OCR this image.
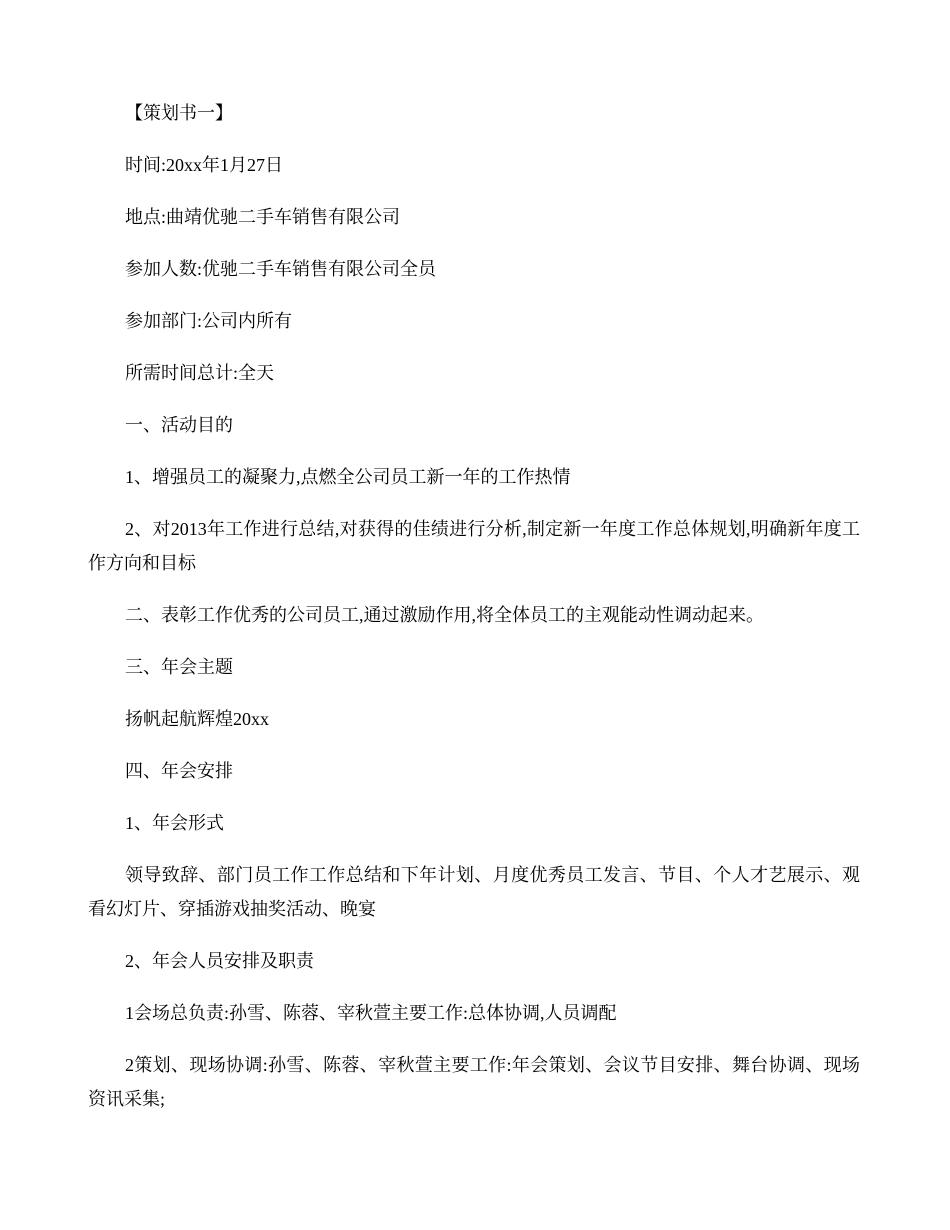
【策划书一】

时间:20xx年1月27日

地点:曲靖优驰二手车销售有限公司

参加人数:优驰二手车销售有限公司全员

参加部门:公司内所有

所需时间总计:全天

一、活动目的

1、增强员工的凝聚力,点燃全公司员工新一年的工作热情

2、对2013年工作进行总结,对获得的佳绩进行分析,制定新一年度工作总体规划,明确新年度工作方向和目标

二、表彰工作优秀的公司员工,通过激励作用,将全体员工的主观能动性调动起来。

三、年会主题

扬帆起航辉煌20xx

四、年会安排

1、年会形式

领导致辞、部门员工作工作总结和下年计划、月度优秀员工发言、节目、个人才艺展示、观看幻灯片、穿插游戏抽奖活动、晚宴

2、年会人员安排及职责

1会场总负责:孙雪、陈蓉、宰秋萱主要工作:总体协调,人员调配

2策划、现场协调:孙雪、陈蓉、宰秋萱主要工作:年会策划、会议节目安排、舞台协调、现场资讯采集;
